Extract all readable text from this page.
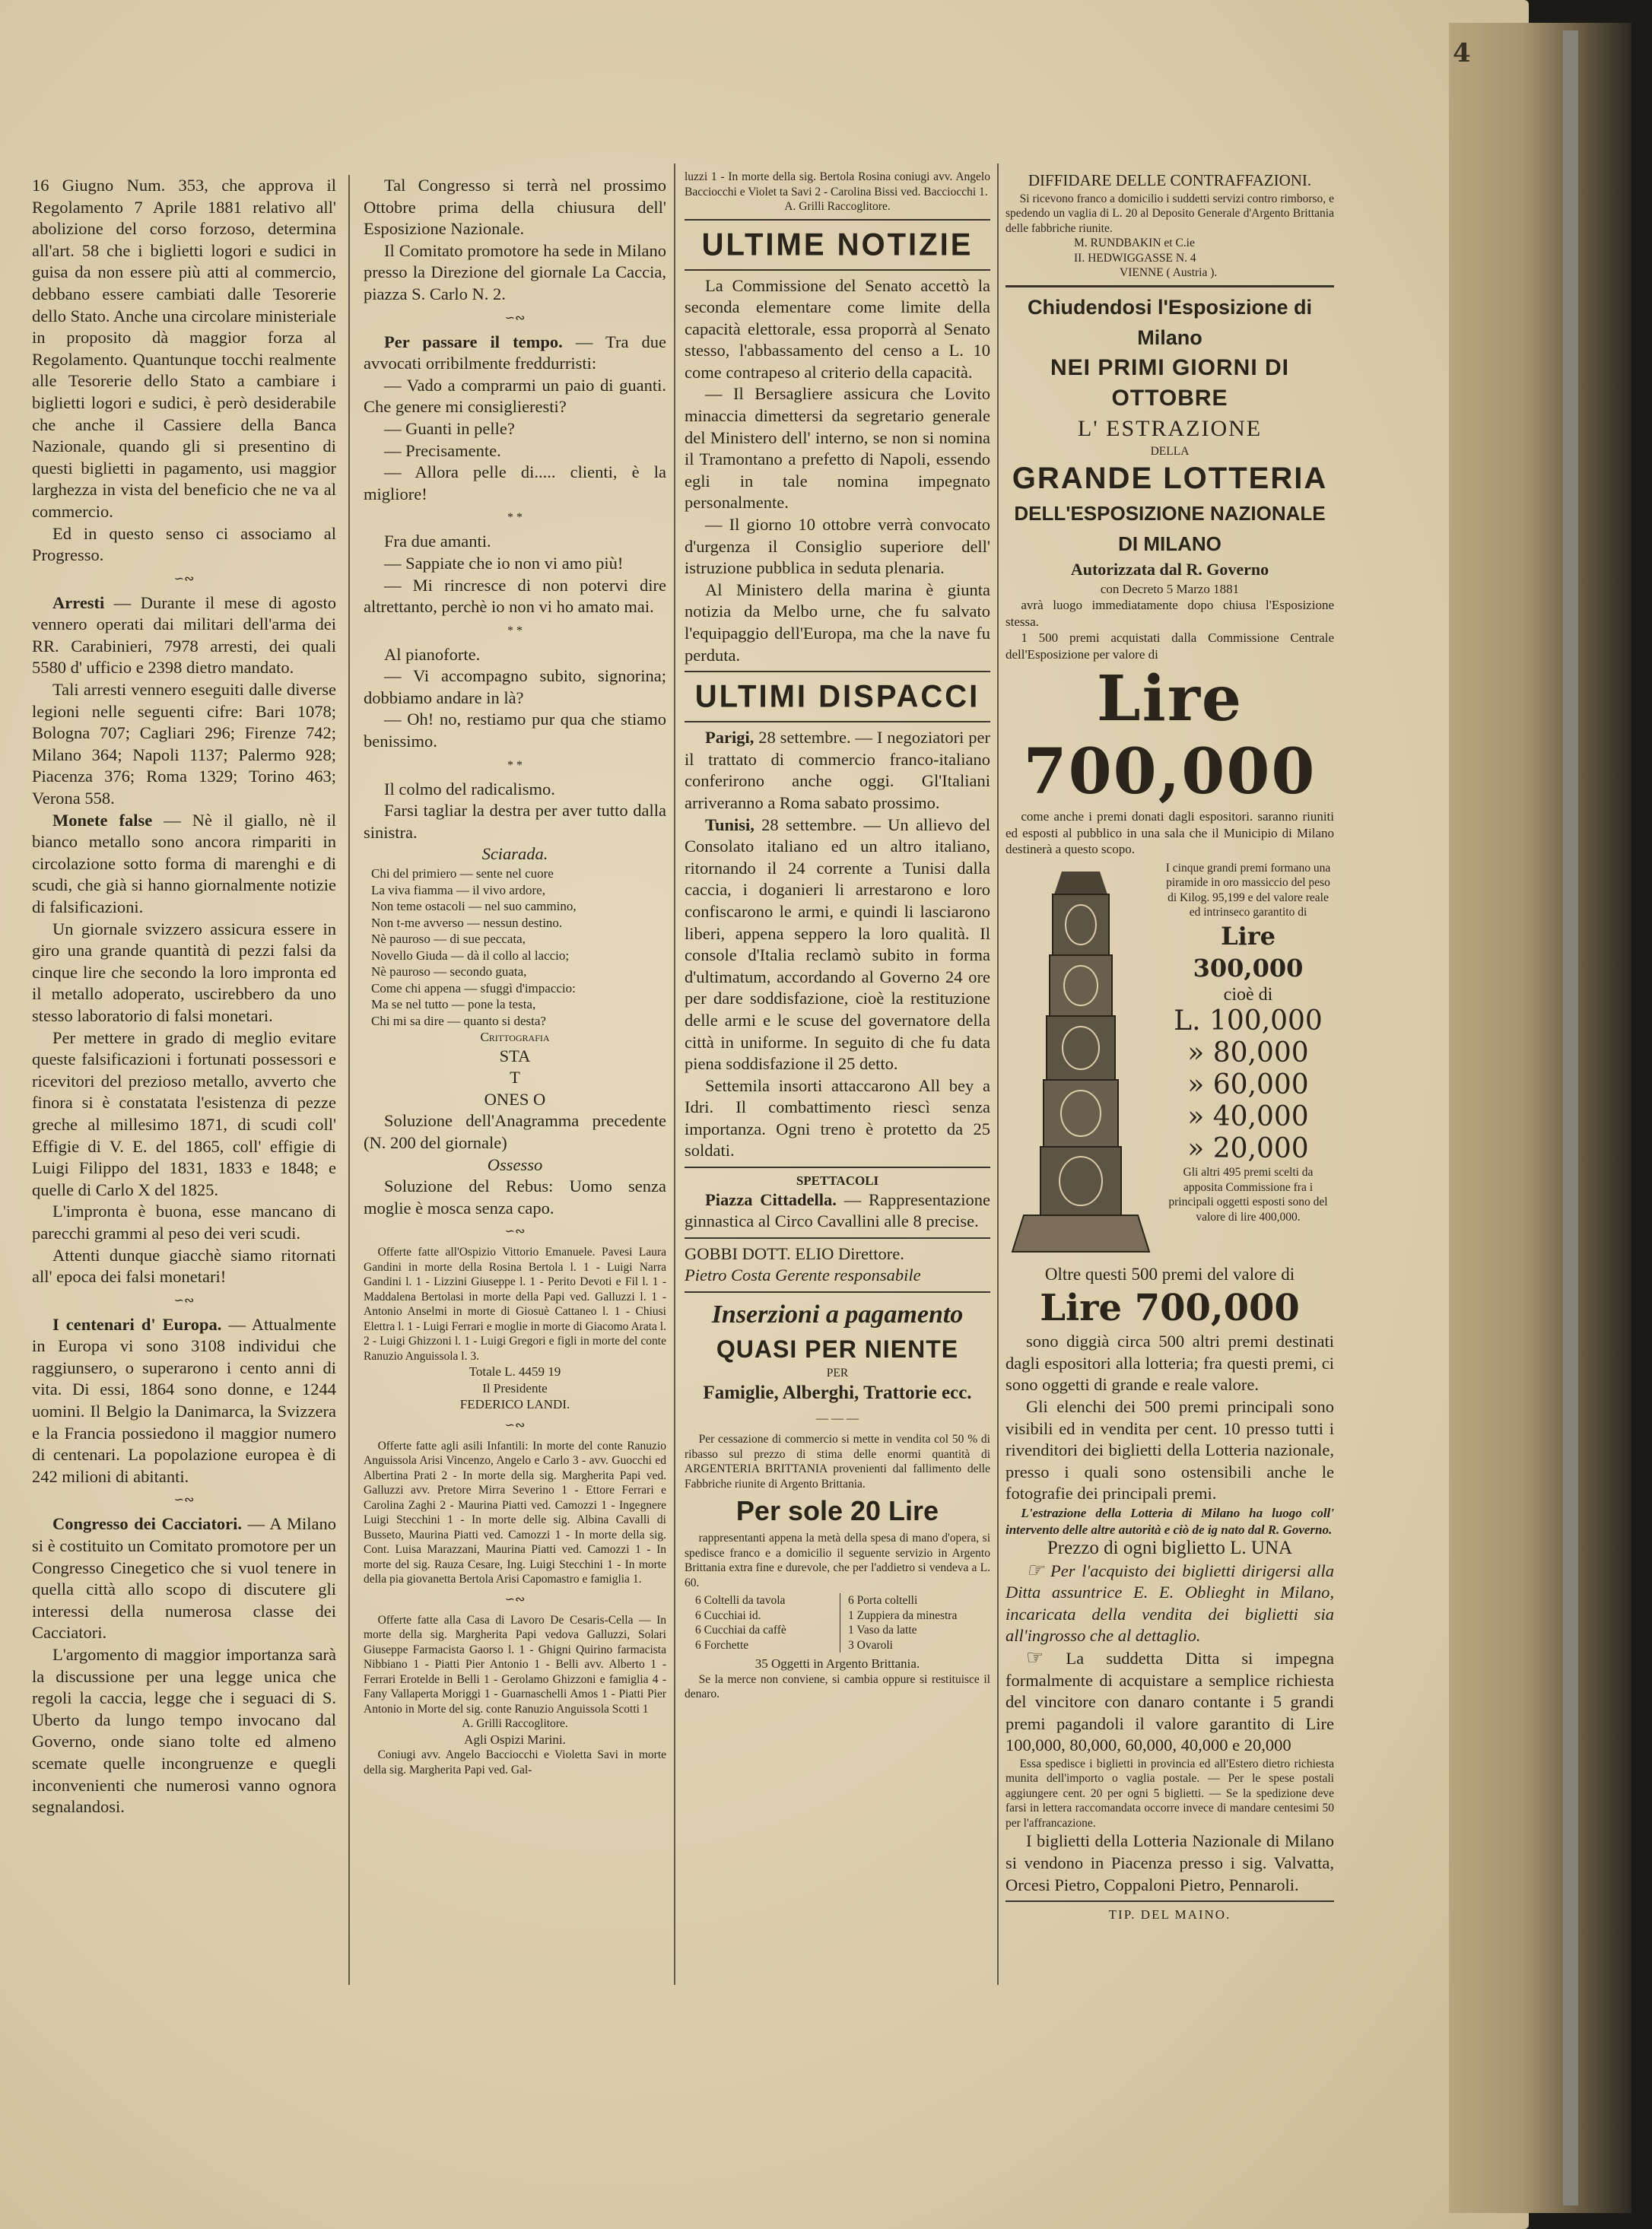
4

16 Giugno Num. 353, che approva il Regolamento 7 Aprile 1881 relativo all' abolizione del corso forzoso, determina all'art. 58 che i biglietti logori e sudici in guisa da non essere più atti al commercio, debbano essere cambiati dalle Tesorerie dello Stato. Anche una circolare ministeriale in proposito dà maggior forza al Regolamento. Quantunque tocchi realmente alle Tesorerie dello Stato a cambiare i biglietti logori e sudici, è però desiderabile che anche il Cassiere della Banca Nazionale, quando gli si presentino di questi biglietti in pagamento, usi maggior larghezza in vista del beneficio che ne va al commercio.

Ed in questo senso ci associamo al Progresso.

∽∾

Arresti — Durante il mese di agosto vennero operati dai militari dell'arma dei RR. Carabinieri, 7978 arresti, dei quali 5580 d' ufficio e 2398 dietro mandato.

Tali arresti vennero eseguiti dalle diverse legioni nelle seguenti cifre: Bari 1078; Bologna 707; Cagliari 296; Firenze 742; Milano 364; Napoli 1137; Palermo 928; Piacenza 376; Roma 1329; Torino 463; Verona 558.

Monete false — Nè il giallo, nè il bianco metallo sono ancora rimpariti in circolazione sotto forma di marenghi e di scudi, che già si hanno giornalmente notizie di falsificazioni.

Un giornale svizzero assicura essere in giro una grande quantità di pezzi falsi da cinque lire che secondo la loro impronta ed il metallo adoperato, uscirebbero da uno stesso laboratorio di falsi monetari.

Per mettere in grado di meglio evitare queste falsificazioni i fortunati possessori e ricevitori del prezioso metallo, avverto che finora si è constatata l'esistenza di pezze greche al millesimo 1871, di scudi coll' Effigie di V. E. del 1865, coll' effigie di Luigi Filippo del 1831, 1833 e 1848; e quelle di Carlo X del 1825.

L'impronta è buona, esse mancano di parecchi grammi al peso dei veri scudi.

Attenti dunque giacchè siamo ritornati all' epoca dei falsi monetari!

∽∾

I centenari d' Europa. — Attualmente in Europa vi sono 3108 individui che raggiunsero, o superarono i cento anni di vita. Di essi, 1864 sono donne, e 1244 uomini. Il Belgio la Danimarca, la Svizzera e la Francia possiedono il maggior numero di centenari. La popolazione europea è di 242 milioni di abitanti.

∽∾

Congresso dei Cacciatori. — A Milano si è costituito un Comitato promotore per un Congresso Cinegetico che si vuol tenere in quella città allo scopo di discutere gli interessi della numerosa classe dei Cacciatori.

L'argomento di maggior importanza sarà la discussione per una legge unica che regoli la caccia, legge che i seguaci di S. Uberto da lungo tempo invocano dal Governo, onde siano tolte ed almeno scemate quelle incongruenze e quegli inconvenienti che numerosi vanno ognora segnalandosi.

Tal Congresso si terrà nel prossimo Ottobre prima della chiusura dell' Esposizione Nazionale.

Il Comitato promotore ha sede in Milano presso la Direzione del giornale La Caccia, piazza S. Carlo N. 2.

∽∾

Per passare il tempo. — Tra due avvocati orribilmente freddurristi:

— Vado a comprarmi un paio di guanti. Che genere mi consiglieresti?

— Guanti in pelle?

— Precisamente.

— Allora pelle di..... clienti, è la migliore!

* *

Fra due amanti.

— Sappiate che io non vi amo più!

— Mi rincresce di non potervi dire altrettanto, perchè io non vi ho amato mai.

* *

Al pianoforte.

— Vi accompagno subito, signorina; dobbiamo andare in là?

— Oh! no, restiamo pur qua che stiamo benissimo.

* *

Il colmo del radicalismo.

Farsi tagliar la destra per aver tutto dalla sinistra.

Sciarada.
Chi del primiero — sente nel cuore
La viva fiamma — il vivo ardore,
Non teme ostacoli — nel suo cammino,
Non t-me avverso — nessun destino.
Nè pauroso — di sue peccata,
Novello Giuda — dà il collo al laccio;
Nè pauroso — secondo guata,
Come chi appena — sfuggì d'impaccio:
Ma se nel tutto — pone la testa,
Chi mi sa dire — quanto si desta?
Crittografia
STA
T
ONES O

Soluzione dell'Anagramma precedente (N. 200 del giornale)

Ossesso

Soluzione del Rebus: Uomo senza moglie è mosca senza capo.

∽∾

Offerte fatte all'Ospizio Vittorio Emanuele. Pavesi Laura Gandini in morte della Rosina Bertola l. 1 - Luigi Narra Gandini l. 1 - Lizzini Giuseppe l. 1 - Perito Devoti e Fil l. 1 - Maddalena Bertolasi in morte della Papi ved. Galluzzi l. 1 - Antonio Anselmi in morte di Giosuè Cattaneo l. 1 - Chiusi Elettra l. 1 - Luigi Ferrari e moglie in morte di Giacomo Arata l. 2 - Luigi Ghizzoni l. 1 - Luigi Gregori e figli in morte del conte Ranuzio Anguissola l. 3.

Totale L. 4459 19
Il Presidente
FEDERICO LANDI.
∽∾

Offerte fatte agli asili Infantili: In morte del conte Ranuzio Anguissola Arisi Vincenzo, Angelo e Carlo 3 - avv. Guocchi ed Albertina Prati 2 - In morte della sig. Margherita Papi ved. Galluzzi avv. Pretore Mirra Severino 1 - Ettore Ferrari e Carolina Zaghi 2 - Maurina Piatti ved. Camozzi 1 - Ingegnere Luigi Stecchini 1 - In morte delle sig. Albina Cavalli di Busseto, Maurina Piatti ved. Camozzi 1 - In morte della sig. Cont. Luisa Marazzani, Maurina Piatti ved. Camozzi 1 - In morte del sig. Rauza Cesare, Ing. Luigi Stecchini 1 - In morte della pia giovanetta Bertola Arisi Capomastro e famiglia 1.

∽∾

Offerte fatte alla Casa di Lavoro De Cesaris-Cella — In morte della sig. Margherita Papi vedova Galluzzi, Solari Giuseppe Farmacista Gaorso l. 1 - Ghigni Quirino farmacista Nibbiano 1 - Piatti Pier Antonio 1 - Belli avv. Alberto 1 - Ferrari Erotelde in Belli 1 - Gerolamo Ghizzoni e famiglia 4 - Fany Vallaperta Moriggi 1 - Guarnaschelli Amos 1 - Piatti Pier Antonio in Morte del sig. conte Ranuzio Anguissola Scotti 1

A. Grilli Raccoglitore.
Agli Ospizi Marini.

Coniugi avv. Angelo Bacciocchi e Violetta Savi in morte della sig. Margherita Papi ved. Gal-

luzzi 1 - In morte della sig. Bertola Rosina coniugi avv. Angelo Bacciocchi e Violet ta Savi 2 - Carolina Bissi ved. Bacciocchi 1.

A. Grilli Raccoglitore.
ULTIME NOTIZIE

La Commissione del Senato accettò la seconda elementare come limite della capacità elettorale, essa proporrà al Senato stesso, l'abbassamento del censo a L. 10 come contrapeso al criterio della capacità.

— Il Bersagliere assicura che Lovito minaccia dimettersi da segretario generale del Ministero dell' interno, se non si nomina il Tramontano a prefetto di Napoli, essendo egli in tale nomina impegnato personalmente.

— Il giorno 10 ottobre verrà convocato d'urgenza il Consiglio superiore dell' istruzione pubblica in seduta plenaria.

Al Ministero della marina è giunta notizia da Melbo urne, che fu salvato l'equipaggio dell'Europa, ma che la nave fu perduta.

ULTIMI DISPACCI

Parigi, 28 settembre. — I negoziatori per il trattato di commercio franco-italiano conferirono anche oggi. Gl'Italiani arriveranno a Roma sabato prossimo.

Tunisi, 28 settembre. — Un allievo del Consolato italiano ed un altro italiano, ritornando il 24 corrente a Tunisi dalla caccia, i doganieri li arrestarono e loro confiscarono le armi, e quindi li lasciarono liberi, appena seppero la loro qualità. Il console d'Italia reclamò subito in forma d'ultimatum, accordando al Governo 24 ore per dare soddisfazione, cioè la restituzione delle armi e le scuse del governatore della città in uniforme. In seguito di che fu data piena soddisfazione il 25 detto.

Settemila insorti attaccarono All bey a Idri. Il combattimento riescì senza importanza. Ogni treno è protetto da 25 soldati.

SPETTACOLI

Piazza Cittadella. — Rappresentazione ginnastica al Circo Cavallini alle 8 precise.

GOBBI DOTT. ELIO Direttore.
Pietro Costa Gerente responsabile
Inserzioni a pagamento
QUASI PER NIENTE
PER
Famiglie, Alberghi, Trattorie ecc.
— — —

Per cessazione di commercio si mette in vendita col 50 % di ribasso sul prezzo di stima delle enormi quantità di ARGENTERIA BRITTANIA provenienti dal fallimento delle Fabbriche riunite di Argento Brittania.

Per sole 20 Lire

rappresentanti appena la metà della spesa di mano d'opera, si spedisce franco e a domicilio il seguente servizio in Argento Brittania extra fine e durevole, che per l'addietro si vendeva a L. 60.

6 Coltelli da tavola
6 Cucchiai id.
6 Cucchiai da caffè
6 Forchette
6 Porta coltelli
1 Zuppiera da minestra
1 Vaso da latte
3 Ovaroli
35 Oggetti in Argento Brittania.

Se la merce non conviene, si cambia oppure si restituisce il denaro.

DIFFIDARE DELLE CONTRAFFAZIONI.

Si ricevono franco a domicilio i suddetti servizi contro rimborso, e spedendo un vaglia di L. 20 al Deposito Generale d'Argento Brittania delle fabbriche riunite.

M. RUNDBAKIN et C.ie
II. HEDWIGGASSE N. 4
VIENNE ( Austria ).
Chiudendosi l'Esposizione di Milano
NEI PRIMI GIORNI DI OTTOBRE
L' ESTRAZIONE
DELLA
GRANDE LOTTERIA
DELL'ESPOSIZIONE NAZIONALE DI MILANO
Autorizzata dal R. Governo
con Decreto 5 Marzo 1881

avrà luogo immediatamente dopo chiusa l'Esposizione stessa.

1 500 premi acquistati dalla Commissione Centrale dell'Esposizione per valore di

Lire 700,000

come anche i premi donati dagli espositori. saranno riuniti ed esposti al pubblico in una sala che il Municipio di Milano destinerà a questo scopo.

I cinque grandi premi formano una piramide in oro massiccio del peso di Kilog. 95,199 e del valore reale ed intrinseco garantito di

Lire 300,000
cioè di
L. 100,000
» 80,000
» 60,000
» 40,000
» 20,000

Gli altri 495 premi scelti da apposita Commissione fra i principali oggetti esposti sono del valore di lire 400,000.

Oltre questi 500 premi del valore di
Lire 700,000

sono diggià circa 500 altri premi destinati dagli espositori alla lotteria; fra questi premi, ci sono oggetti di grande e reale valore.

Gli elenchi dei 500 premi principali sono visibili ed in vendita per cent. 10 presso tutti i rivenditori dei biglietti della Lotteria nazionale, presso i quali sono ostensibili anche le fotografie dei principali premi.

L'estrazione della Lotteria di Milano ha luogo coll' intervento delle altre autorità e ciò de ig nato dal R. Governo.

Prezzo di ogni biglietto L. UNA

☞ Per l'acquisto dei biglietti dirigersi alla Ditta assuntrice E. E. Oblieght in Milano, incaricata della vendita dei biglietti sia all'ingrosso che al dettaglio.

☞ La suddetta Ditta si impegna formalmente di acquistare a semplice richiesta del vincitore con danaro contante i 5 grandi premi pagandoli il valore garantito di Lire 100,000, 80,000, 60,000, 40,000 e 20,000

Essa spedisce i biglietti in provincia ed all'Estero dietro richiesta munita dell'importo o vaglia postale. — Per le spese postali aggiungere cent. 20 per ogni 5 biglietti. — Se la spedizione deve farsi in lettera raccomandata occorre invece di mandare centesimi 50 per l'affrancazione.

I biglietti della Lotteria Nazionale di Milano si vendono in Piacenza presso i sig. Valvatta, Orcesi Pietro, Coppaloni Pietro, Pennaroli.

TIP. DEL MAINO.
